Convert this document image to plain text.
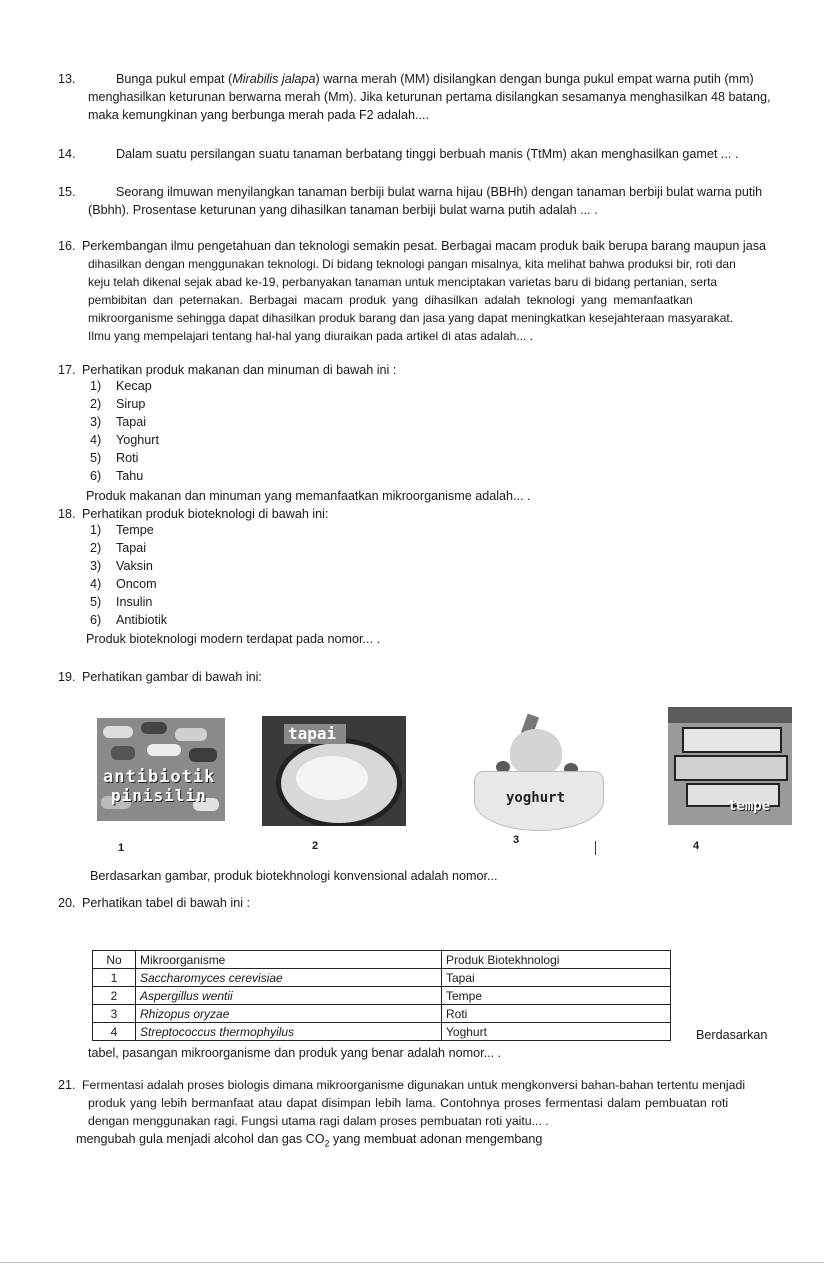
13.	Bunga pukul empat (Mirabilis jalapa) warna merah (MM) disilangkan dengan bunga pukul empat warna putih (mm)
menghasilkan keturunan berwarna merah (Mm). Jika keturunan pertama disilangkan sesamanya menghasilkan 48 batang,
maka kemungkinan yang berbunga merah pada F2 adalah....
14.	Dalam suatu persilangan suatu tanaman berbatang tinggi berbuah manis (TtMm) akan menghasilkan gamet ... .
15.	Seorang ilmuwan menyilangkan tanaman berbiji bulat warna hijau (BBHh) dengan tanaman berbiji bulat warna putih
(Bbhh). Prosentase keturunan yang dihasilkan tanaman berbiji bulat warna putih adalah ... .
16. Perkembangan ilmu pengetahuan dan teknologi semakin pesat. Berbagai macam produk baik berupa barang maupun jasa
dihasilkan dengan menggunakan teknologi. Di bidang teknologi pangan misalnya, kita melihat bahwa produksi bir, roti dan
keju telah dikenal sejak abad ke-19, perbanyakan tanaman untuk menciptakan varietas baru di bidang pertanian, serta
pembibitan dan peternakan. Berbagai macam produk yang dihasilkan adalah teknologi yang memanfaatkan
mikroorganisme sehingga dapat dihasilkan produk barang dan jasa yang dapat meningkatkan kesejahteraan masyarakat.
Ilmu yang mempelajari tentang hal-hal yang diuraikan pada artikel di atas adalah... .
17. Perhatikan produk makanan dan minuman di bawah ini :
1) Kecap
2) Sirup
3) Tapai
4) Yoghurt
5) Roti
6) Tahu
Produk makanan dan minuman yang memanfaatkan mikroorganisme adalah... .
18. Perhatikan produk bioteknologi di bawah ini:
1) Tempe
2) Tapai
3) Vaksin
4) Oncom
5) Insulin
6) Antibiotik
Produk bioteknologi modern terdapat pada nomor... .
19. Perhatikan gambar di bawah ini:
antibiotik
pinisilin
1
tapai
2
yoghurt
3
tempe
4
Berdasarkan gambar, produk biotekhnologi konvensional adalah nomor...
20. Perhatikan tabel di bawah ini :
No	Mikroorganisme	Produk Biotekhnologi
1	Saccharomyces cerevisiae	Tapai
2	Aspergillus wentii	Tempe
3	Rhizopus oryzae	Roti
4	Streptococcus thermophyilus	Yoghurt	Berdasarkan
tabel, pasangan mikroorganisme dan produk yang benar adalah nomor... .
21. Fermentasi adalah proses biologis dimana mikroorganisme digunakan untuk mengkonversi bahan-bahan tertentu menjadi
produk yang lebih bermanfaat atau dapat disimpan lebih lama. Contohnya proses fermentasi dalam pembuatan roti
dengan menggunakan ragi. Fungsi utama ragi dalam proses pembuatan roti yaitu... .
mengubah gula menjadi alcohol dan gas $CO_2$ yang membuat adonan mengembang
